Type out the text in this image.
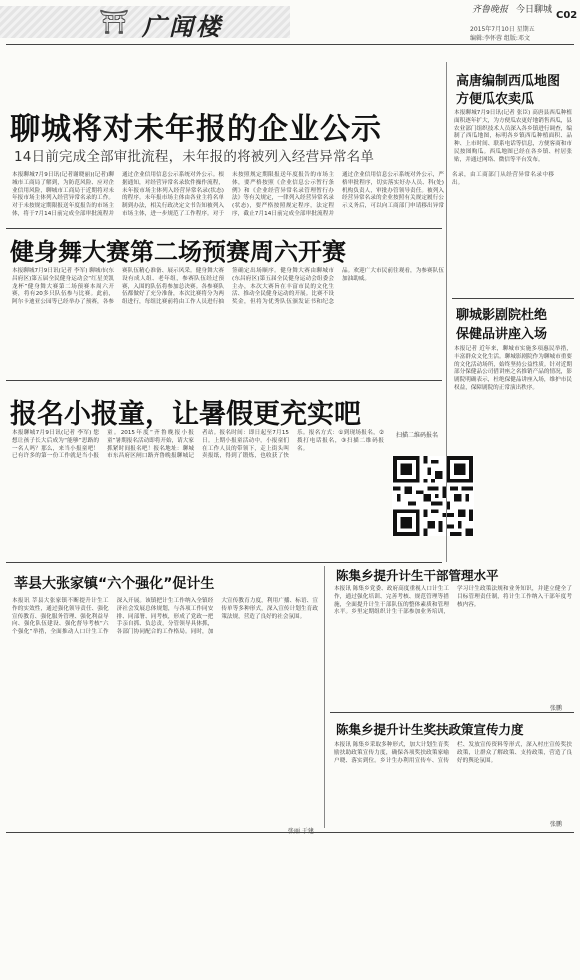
⛩ 广闻楼
齐鲁晚报 今日聊城 C02
2015年7月10日 星期五
编辑:李怀蓉 组版:邓文
聊城将对未年报的企业公示
14日前完成全部审批流程，未年报的将被列入经营异常名单
本报聊城7月9日讯(记者谢晓丽)(记者)聊城市工商局了解到，为防范风险、应对企业信用风险，聊城市工商局于近期将对未年报市场主体列入经营异常名录的工作。对于未按规定期限报送年度报告的市场主体，将于7月14日前完成全部审批流程并通过企业信用信息公示系统对外公示。根据通知，对经营异常名录软件操作流程，未年报市场主体列入经营异常名录(状态)的程序。未年报市场主体由各业主将名单制到办法，相关行政决定文书告知被列入市场主体，进一步规范了工作程序。对于未按照规定期限报送年度报告的市场主体，要严格按照《企业信息公示暂行条例》和《企业经营异常名录管理暂行办法》等有关规定，一律列入经营异常名录(状态)，要严格按照规定程序，法定程序，截止7月14日前完成全部审批流程并通过企业信用信息公示系统对外公示，严格审批程序，切实落实好办人员、科(处)机构负责人，审批办管领导责任。被列入经营异常名录的企业按照有关规定履行公示义务后，可以向工商部门申请移出异常名录，由工商部门从经营异常名录中移出。
健身舞大赛第二场预赛周六开赛
本报聊城7月9日讯(记者 李军) 聊城市(东昌府区)第五届全民健身运动会“红星美凯龙杯”健身舞大赛第二场预赛本周六开赛，将有20多只队伍参与比赛。此前，阿尔卡迪亚公园等已经举办了预赛，各参赛队伍精心准备、展示风采。健身舞大赛设有成人组、老年组，参赛队伍经过预赛，入围的队伍将参加总决赛。各参赛队伍都做好了充分准备，本次比赛将分为两组进行，每组比赛前将由工作人员进行抽签确定出场顺序。健身舞大赛由聊城市(东昌府区)第五届全民健身运动会组委会主办，本次大赛旨在丰富市民的文化生活、推动全民健身运动的开展。比赛不设奖金，但将为优秀队伍颁发证书和纪念品。欢迎广大市民前往观看，为参赛队伍加油助威。
报名小报童，让暑假更充实吧
本报聊城7月9日讯(记者 李军) 您想让孩子长大后成为“能够”思路的一名人吗？那么，来当小报童吧！已有许多的第一份工作就是当小报童。2015年度“齐鲁晚报小报童”暑期报名活动即将开始，请大家抓紧时间报名吧！报名地址：聊城市东昌府区闸口路齐鲁晚报聊城记者站。报名时间：即日起至7月15日。上期小报童活动中，小报童们在工作人员的带领下，走上街头叫卖报纸，得到了锻炼，也收获了快乐。报名方式：①到现场报名，②拨打电话报名，③扫描二维码报名。
扫描二维码报名
莘县大张家镇“六个强化”促计生
本报讯 莘县大张家镇不断提升计生工作的实效性，通过强化领导责任、强化宣传教育、强化服务管理、强化利益导向、强化队伍建设、强化督导考核“六个强化”举措，全面推动人口计生工作深入开展。该镇把计生工作纳入全镇经济社会发展总体规划，与各项工作同安排、同部署、同考核，形成了党政一把手亲自抓、负总责，分管领导具体抓，各部门协同配合的工作格局。同时，加大宣传教育力度，利用广播、标语、宣传单等多种形式，深入宣传计划生育政策法规，营造了良好的社会氛围。
高唐编制西瓜地图
方便瓜农卖瓜
本报聊城7月9日讯(记者 张臣) 高唐县西瓜种植面积逐年扩大，为方便瓜农更好地销售西瓜，县农业部门组织技术人员深入各乡镇进行调查，编制了西瓜地图，标明各乡镇西瓜种植面积、品种、上市时间、联系电话等信息，方便客商和市民按图购瓜。西瓜地图已经在各乡镇、村居张贴，并通过网络、微信等平台发布。
聊城影剧院杜绝
保健品讲座入场
本报记者 近年来，聊城市实施多项惠民举措，丰富群众文化生活。聊城影剧院作为聊城市重要的文化活动场所，始终坚持公益性质。针对近期部分保健品公司借讲座之名推销产品的情况，影剧院明确表示，杜绝保健品讲座入场，维护市民权益，保障剧院的正常演出秩序。
陈集乡提升计生干部管理水平
本报讯 陈集乡党委、政府高度重视人口计生工作，通过强化培训、完善考核、规范管理等措施，全面提升计生干部队伍的整体素质和管理水平。乡里定期组织计生干部参加业务培训，学习计生政策法规和业务知识，并建立健全了目标管理责任制，将计生工作纳入干部年度考核内容。
张鹏
陈集乡提升计生奖扶政策宣传力度
本报讯 陈集乡采取多种形式，加大计划生育奖励扶助政策宣传力度，确保各项奖扶政策家喻户晓、落实到位。乡计生办利用宣传车、宣传栏、发放宣传资料等形式，深入村庄宣传奖扶政策，让群众了解政策、支持政策，营造了良好的舆论氛围。
张鹏
